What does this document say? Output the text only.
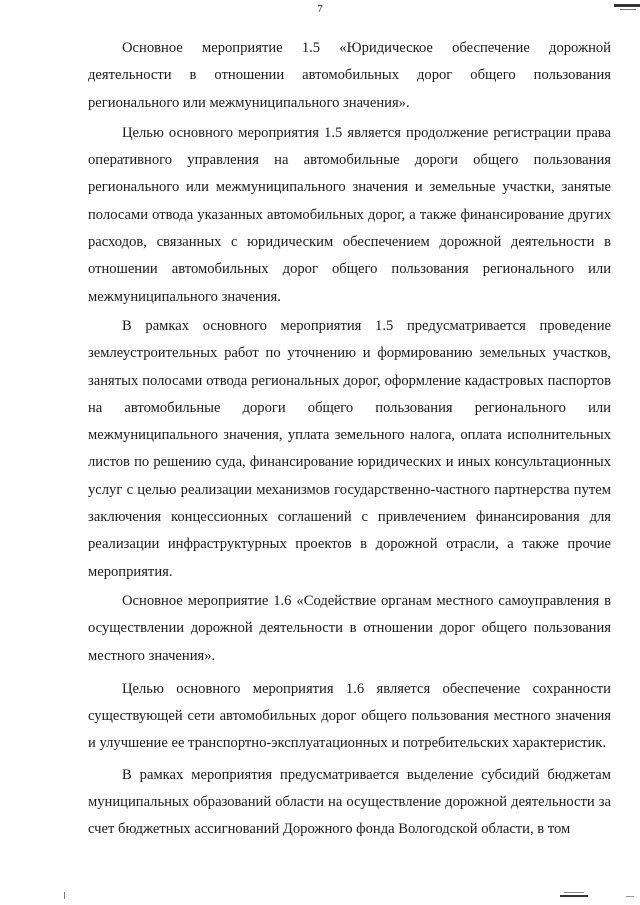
7

Основное мероприятие 1.5 «Юридическое обеспечение дорожной деятельности в отношении автомобильных дорог общего пользования регионального или межмуниципального значения».

Целью основного мероприятия 1.5 является продолжение регистрации права оперативного управления на автомобильные дороги общего пользования регионального или межмуниципального значения и земельные участки, занятые полосами отвода указанных автомобильных дорог, а также финансирование других расходов, связанных с юридическим обеспечением дорожной деятельности в отношении автомобильных дорог общего пользования регионального или межмуниципального значения.

В рамках основного мероприятия 1.5 предусматривается проведение землеустроительных работ по уточнению и формированию земельных участков, занятых полосами отвода региональных дорог, оформление кадастровых паспортов на автомобильные дороги общего пользования регионального или межмуниципального значения, уплата земельного налога, оплата исполнительных листов по решению суда, финансирование юридических и иных консультационных услуг с целью реализации механизмов государственно-частного партнерства путем заключения концессионных соглашений с привлечением финансирования для реализации инфраструктурных проектов в дорожной отрасли, а также прочие мероприятия.

Основное мероприятие 1.6 «Содействие органам местного самоуправления в осуществлении дорожной деятельности в отношении дорог общего пользования местного значения».

Целью основного мероприятия 1.6 является обеспечение сохранности существующей сети автомобильных дорог общего пользования местного значения и улучшение ее транспортно-эксплуатационных и потребительских характеристик.

В рамках мероприятия предусматривается выделение субсидий бюджетам муниципальных образований области на осуществление дорожной деятельности за счет бюджетных ассигнований Дорожного фонда Вологодской области, в том
